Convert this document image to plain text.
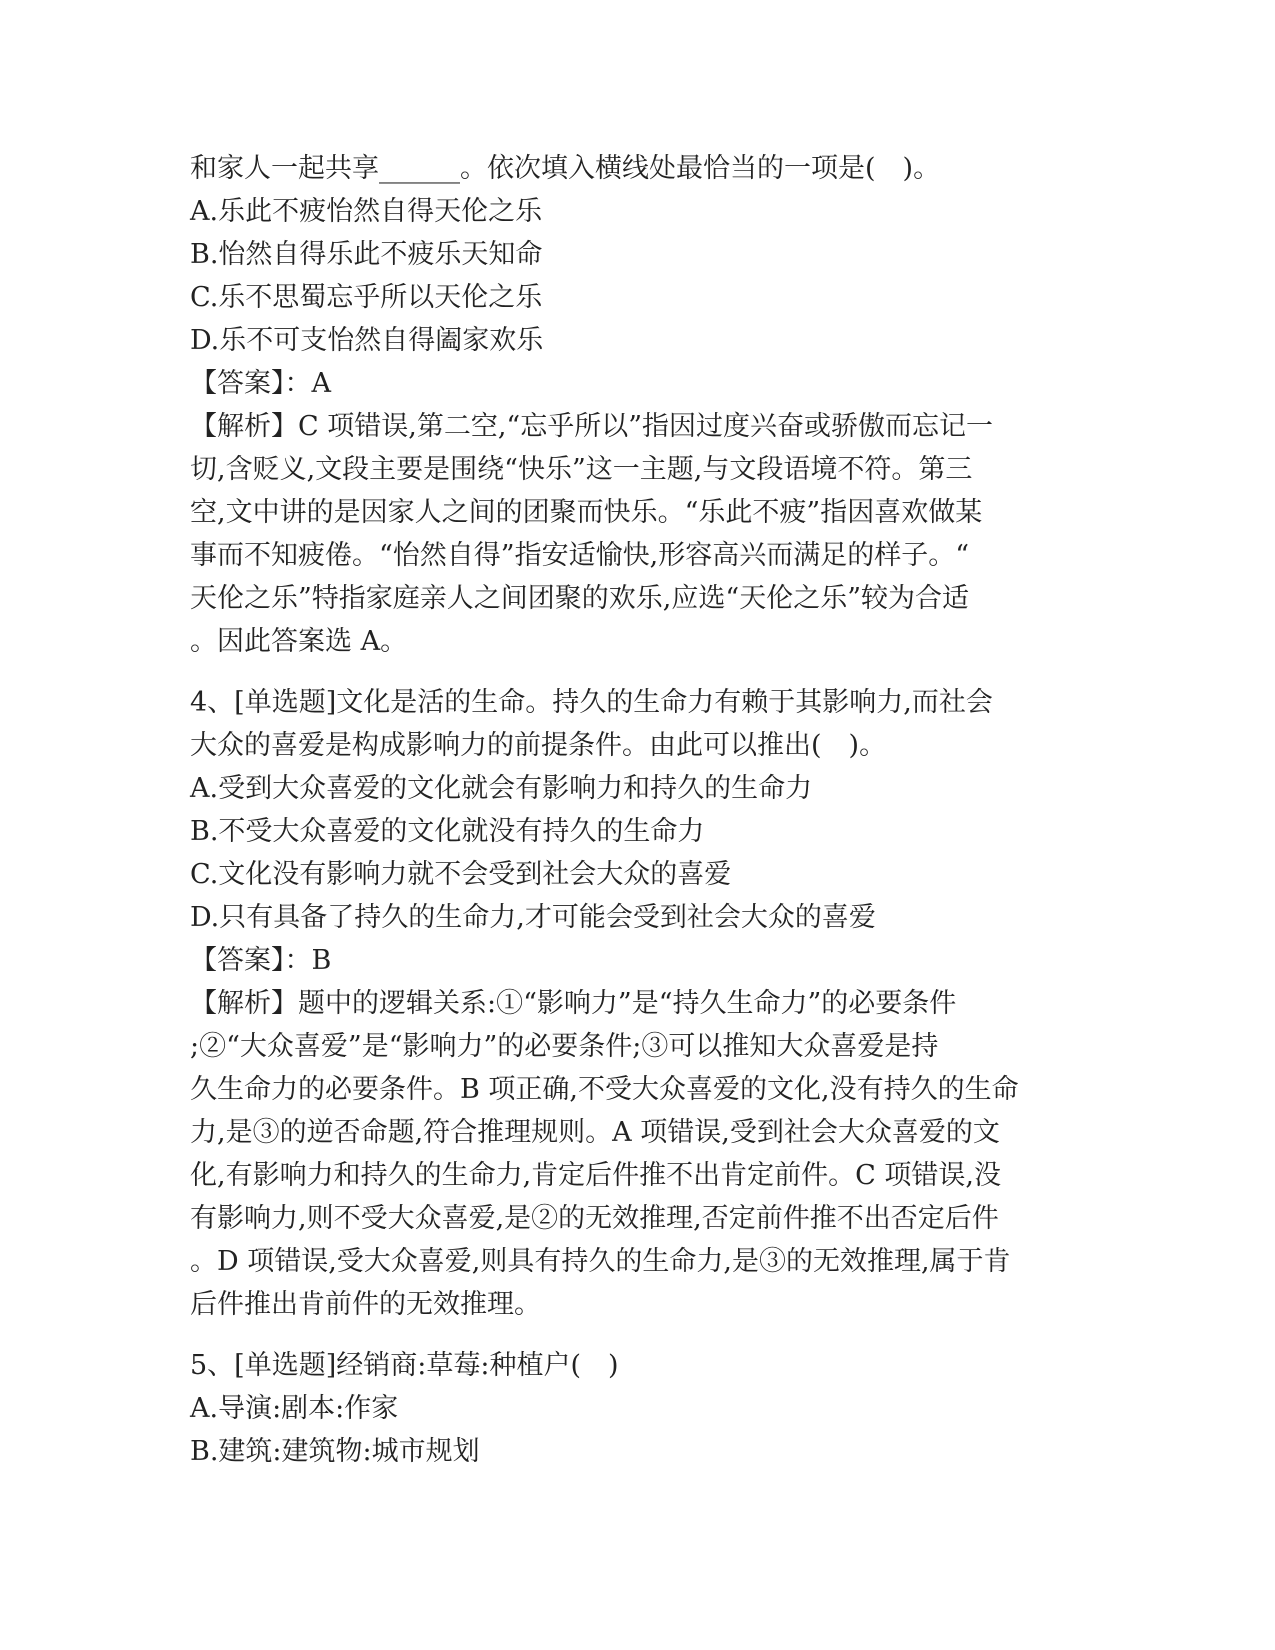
和家人一起共享______。依次填入横线处最恰当的一项是(　)。
A.乐此不疲怡然自得天伦之乐
B.怡然自得乐此不疲乐天知命
C.乐不思蜀忘乎所以天伦之乐
D.乐不可支怡然自得阖家欢乐
【答案】：A
【解析】C 项错误,第二空,“忘乎所以”指因过度兴奋或骄傲而忘记一
切,含贬义,文段主要是围绕“快乐”这一主题,与文段语境不符。第三
空,文中讲的是因家人之间的团聚而快乐。“乐此不疲”指因喜欢做某
事而不知疲倦。“怡然自得”指安适愉快,形容高兴而满足的样子。“
天伦之乐”特指家庭亲人之间团聚的欢乐,应选“天伦之乐”较为合适
。因此答案选 A。
4、[单选题]文化是活的生命。持久的生命力有赖于其影响力,而社会
大众的喜爱是构成影响力的前提条件。由此可以推出(　)。
A.受到大众喜爱的文化就会有影响力和持久的生命力
B.不受大众喜爱的文化就没有持久的生命力
C.文化没有影响力就不会受到社会大众的喜爱
D.只有具备了持久的生命力,才可能会受到社会大众的喜爱
【答案】：B
【解析】题中的逻辑关系:①“影响力”是“持久生命力”的必要条件
;②“大众喜爱”是“影响力”的必要条件;③可以推知大众喜爱是持
久生命力的必要条件。B 项正确,不受大众喜爱的文化,没有持久的生命
力,是③的逆否命题,符合推理规则。A 项错误,受到社会大众喜爱的文
化,有影响力和持久的生命力,肯定后件推不出肯定前件。C 项错误,没
有影响力,则不受大众喜爱,是②的无效推理,否定前件推不出否定后件
。D 项错误,受大众喜爱,则具有持久的生命力,是③的无效推理,属于肯
后件推出肯前件的无效推理。
5、[单选题]经销商:草莓:种植户(　)
A.导演:剧本:作家
B.建筑:建筑物:城市规划
